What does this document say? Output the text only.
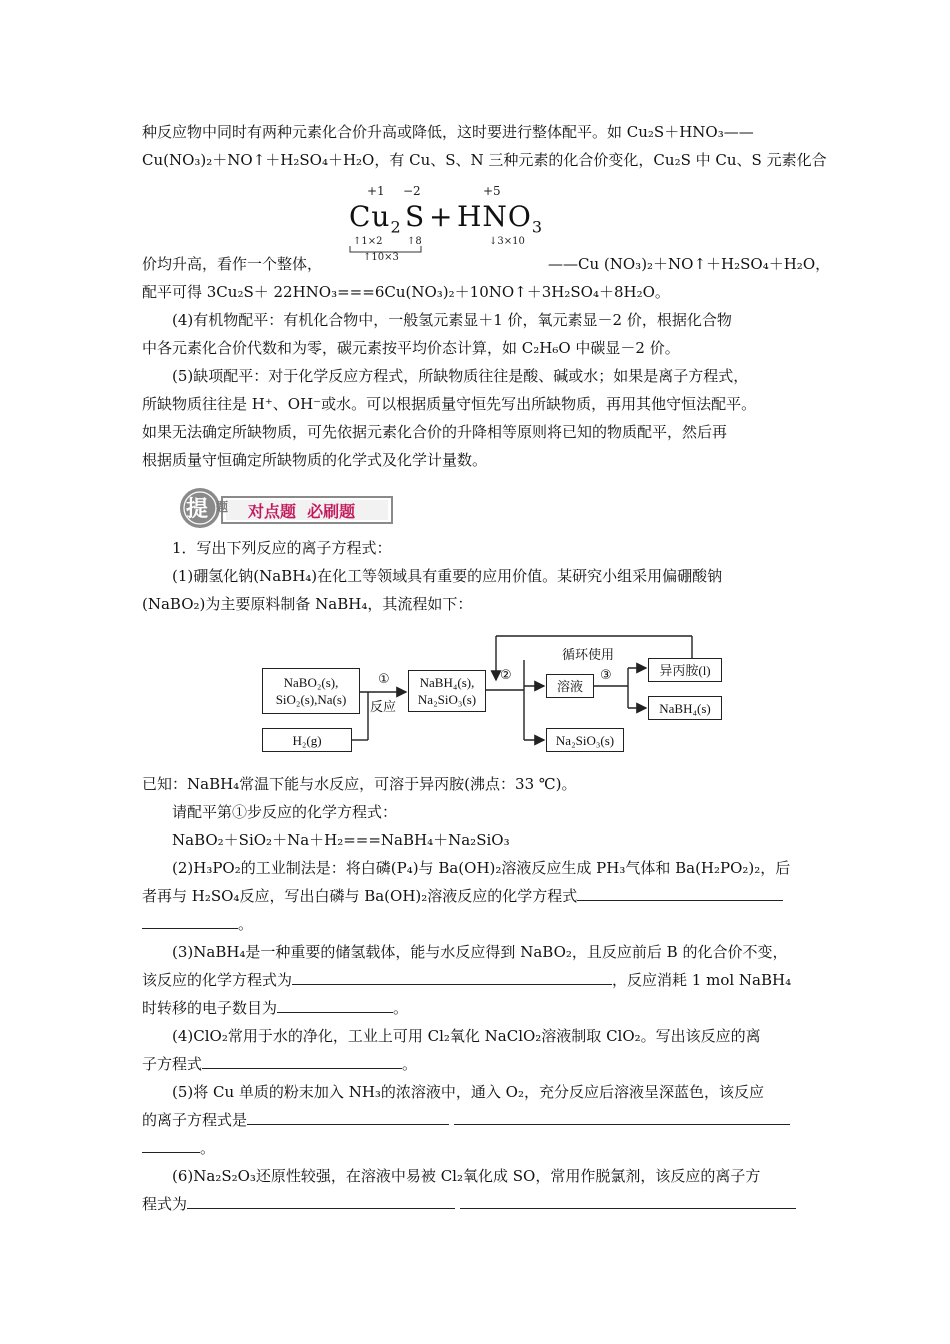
种反应物中同时有两种元素化合价升高或降低，这时要进行整体配平。如 Cu₂S＋HNO₃——
Cu(NO₃)₂＋NO↑＋H₂SO₄＋H₂O，有 Cu、S、N 三种元素的化合价变化，Cu₂S 中 Cu、S 元素化合
+1 −2	+5
$Cu_2$ $S + HNO_3$
↑1×2 ↑8	↓3×10
↑10×3
价均升高，看作一个整体，	——Cu (NO₃)₂＋NO↑＋H₂SO₄＋H₂O，
配平可得 3Cu₂S＋ 22HNO₃===6Cu(NO₃)₂＋10NO↑＋3H₂SO₄＋8H₂O。
(4)有机物配平：有机化合物中，一般氢元素显＋1 价，氧元素显－2 价，根据化合物
中各元素化合价代数和为零，碳元素按平均价态计算，如 C₂H₆O 中碳显－2 价。
(5)缺项配平：对于化学反应方程式，所缺物质往往是酸、碱或水；如果是离子方程式，
所缺物质往往是 H⁺、OH⁻或水。可以根据质量守恒先写出所缺物质，再用其他守恒法配平。
如果无法确定所缺物质，可先依据元素化合价的升降相等原则将已知的物质配平，然后再
根据质量守恒确定所缺物质的化学式及化学计量数。
提 题 对点题  必刷题
1．写出下列反应的离子方程式：
(1)硼氢化钠(NaBH₄)在化工等领域具有重要的应用价值。某研究小组采用偏硼酸钠
(NaBO₂)为主要原料制备 NaBH₄，其流程如下：
NaBO₂(s),
SiO₂(s),Na(s)
H₂(g)
①
反应
NaBH₄(s),
Na₂SiO₃(s)
②
溶液
③
循环使用
异丙胺(l)
NaBH₄(s)
Na₂SiO₃(s)
已知：NaBH₄常温下能与水反应，可溶于异丙胺(沸点：33 ℃)。
请配平第①步反应的化学方程式：
NaBO₂＋SiO₂＋Na＋H₂===NaBH₄＋Na₂SiO₃
(2)H₃PO₂的工业制法是：将白磷(P₄)与 Ba(OH)₂溶液反应生成 PH₃气体和 Ba(H₂PO₂)₂，后
者再与 H₂SO₄反应，写出白磷与 Ba(OH)₂溶液反应的化学方程式
。
(3)NaBH₄是一种重要的储氢载体，能与水反应得到 NaBO₂，且反应前后 B 的化合价不变，
该反应的化学方程式为	，反应消耗 1 mol NaBH₄
时转移的电子数目为	。
(4)ClO₂常用于水的净化，工业上可用 Cl₂氧化 NaClO₂溶液制取 ClO₂。写出该反应的离
子方程式	。
(5)将 Cu 单质的粉末加入 NH₃的浓溶液中，通入 O₂，充分反应后溶液呈深蓝色，该反应
的离子方程式是
。
(6)Na₂S₂O₃还原性较强，在溶液中易被 Cl₂氧化成 SO，常用作脱氯剂，该反应的离子方
程式为
